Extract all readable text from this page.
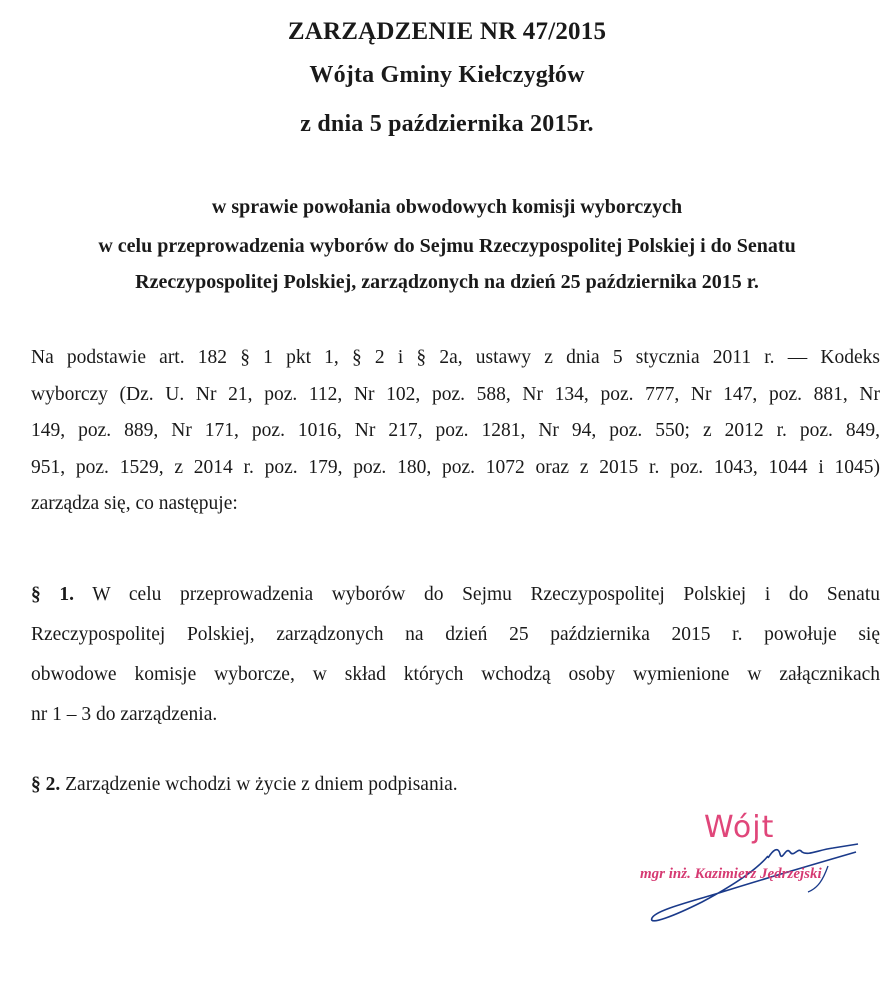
ZARZĄDZENIE NR 47/2015
Wójta Gminy Kiełczygłów
z dnia 5 października 2015r.
w sprawie powołania obwodowych komisji wyborczych
w celu przeprowadzenia wyborów do Sejmu Rzeczypospolitej Polskiej i do Senatu
Rzeczypospolitej Polskiej, zarządzonych na dzień 25 października 2015 r.
Na podstawie art. 182 § 1 pkt 1, § 2 i § 2a, ustawy z dnia 5 stycznia 2011 r. — Kodeks
wyborczy (Dz. U. Nr 21, poz. 112, Nr 102, poz. 588, Nr 134, poz. 777, Nr 147, poz. 881, Nr
149, poz. 889, Nr 171, poz. 1016, Nr 217, poz. 1281, Nr 94, poz. 550; z 2012 r. poz. 849,
951, poz. 1529, z 2014 r. poz. 179, poz. 180, poz. 1072 oraz z 2015 r. poz. 1043, 1044 i 1045)
zarządza się, co następuje:
§ 1. W celu przeprowadzenia wyborów do Sejmu Rzeczypospolitej Polskiej i do Senatu
Rzeczypospolitej Polskiej, zarządzonych na dzień 25 października 2015 r. powołuje się
obwodowe komisje wyborcze, w skład których wchodzą osoby wymienione w załącznikach
nr 1 – 3 do zarządzenia.
§ 2. Zarządzenie wchodzi w życie z dniem podpisania.
Wójt
mgr inż. Kazimierz Jędrzejski
